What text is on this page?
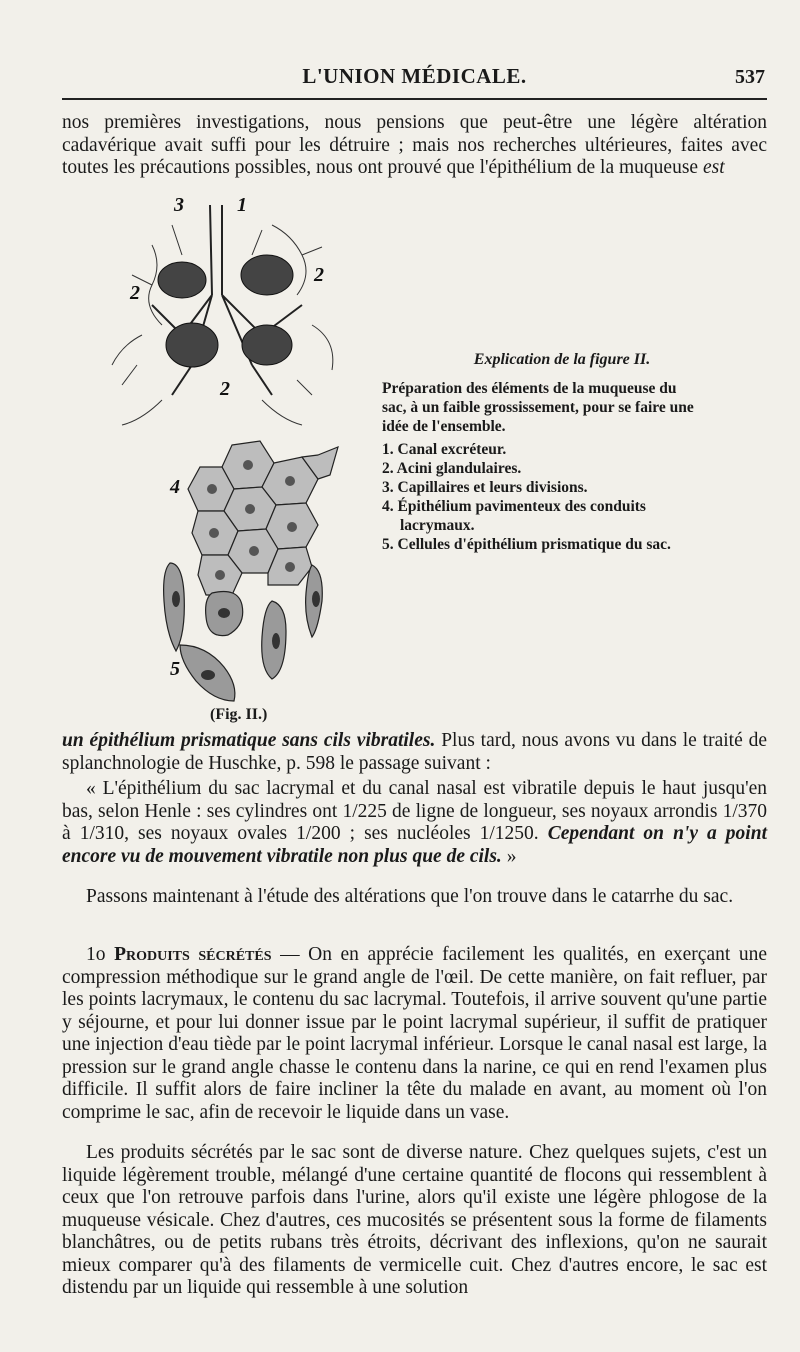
L'UNION MÉDICALE.	537

nos premières investigations, nous pensions que peut-être une légère altération cadavérique avait suffi pour les détruire ; mais nos recherches ultérieures, faites avec toutes les précautions possibles, nous ont prouvé que l'épithélium de la muqueuse est

3	1
2
2
2
4
5

Explication de la figure II.

Préparation des éléments de la muqueuse du sac, à un faible grossissement, pour se faire une idée de l'ensemble.

1. Canal excréteur.

2. Acini glandulaires.

3. Capillaires et leurs divisions.

4. Épithélium pavimenteux des conduits lacrymaux.

5. Cellules d'épithélium prismatique du sac.

(Fig. II.)

un épithélium prismatique sans cils vibratiles. Plus tard, nous avons vu dans le traité de splanchnologie de Huschke, p. 598 le passage suivant :

« L'épithélium du sac lacrymal et du canal nasal est vibratile depuis le haut jusqu'en bas, selon Henle : ses cylindres ont 1/225 de ligne de longueur, ses noyaux arrondis 1/370 à 1/310, ses noyaux ovales 1/200 ; ses nucléoles 1/1250. Cependant on n'y a point encore vu de mouvement vibratile non plus que de cils. »

Passons maintenant à l'étude des altérations que l'on trouve dans le catarrhe du sac.

1o Produits sécrétés — On en apprécie facilement les qualités, en exerçant une compression méthodique sur le grand angle de l'œil. De cette manière, on fait refluer, par les points lacrymaux, le contenu du sac lacrymal. Toutefois, il arrive souvent qu'une partie y séjourne, et pour lui donner issue par le point lacrymal supérieur, il suffit de pratiquer une injection d'eau tiède par le point lacrymal inférieur. Lorsque le canal nasal est large, la pression sur le grand angle chasse le contenu dans la narine, ce qui en rend l'examen plus difficile. Il suffit alors de faire incliner la tête du malade en avant, au moment où l'on comprime le sac, afin de recevoir le liquide dans un vase.

Les produits sécrétés par le sac sont de diverse nature. Chez quelques sujets, c'est un liquide légèrement trouble, mélangé d'une certaine quantité de flocons qui ressemblent à ceux que l'on retrouve parfois dans l'urine, alors qu'il existe une légère phlogose de la muqueuse vésicale. Chez d'autres, ces mucosités se présentent sous la forme de filaments blanchâtres, ou de petits rubans très étroits, décrivant des inflexions, qu'on ne saurait mieux comparer qu'à des filaments de vermicelle cuit. Chez d'autres encore, le sac est distendu par un liquide qui ressemble à une solution
